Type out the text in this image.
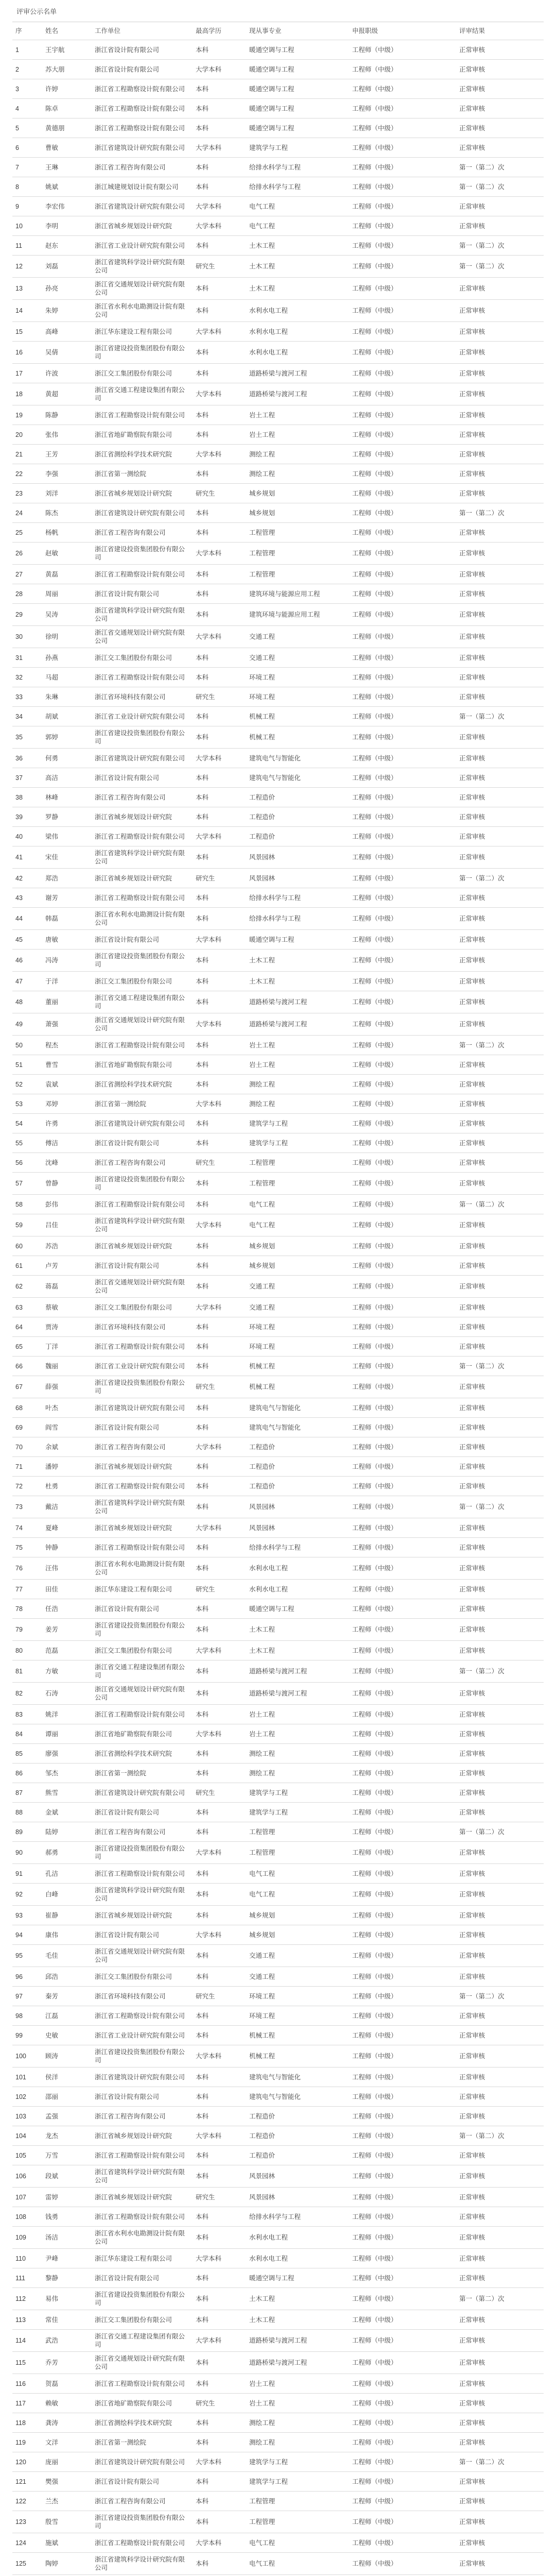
评审公示名单
序	姓名	工作单位	最高学历	现从事专业	申报职级	评审结果
1	王宇航	浙江省设计院有限公司	本科	暖通空调与工程	工程师（中级）	正常审核
2	苏大朋	浙江省设计院有限公司	大学本科	暖通空调与工程	工程师（中级）	正常审核
3	许婷	浙江省工程勘察设计院有限公司	本科	暖通空调与工程	工程师（中级）	正常审核
4	陈卓	浙江省工程勘察设计院有限公司	本科	暖通空调与工程	工程师（中级）	正常审核
5	黄德朋	浙江省工程勘察设计院有限公司	本科	暖通空调与工程	工程师（中级）	正常审核
6	曹敏	浙江省建筑设计研究院有限公司	大学本科	建筑学与工程	工程师（中级）	正常审核
7	王琳	浙江省工程咨询有限公司	本科	给排水科学与工程	工程师（中级）	第一（第二）次
8	姚斌	浙江城建规划设计院有限公司	本科	给排水科学与工程	工程师（中级）	第一（第二）次
9	李宏伟	浙江省建筑设计研究院有限公司	大学本科	电气工程	工程师（中级）	正常审核
10	李明	浙江省城乡规划设计研究院	大学本科	电气工程	工程师（中级）	正常审核
11	赵东	浙江省工业设计研究院有限公司	本科	土木工程	工程师（中级）	第一（第二）次
12	刘磊	浙江省建筑科学设计研究院有限公司	研究生	土木工程	工程师（中级）	第一（第二）次
13	孙亮	浙江省交通规划设计研究院有限公司	本科	土木工程	工程师（中级）	正常审核
14	朱婷	浙江省水利水电勘测设计院有限公司	本科	水利水电工程	工程师（中级）	正常审核
15	高峰	浙江华东建设工程有限公司	大学本科	水利水电工程	工程师（中级）	正常审核
16	吴倩	浙江省建设投资集团股份有限公司	本科	水利水电工程	工程师（中级）	正常审核
17	许波	浙江交工集团股份有限公司	本科	道路桥梁与渡河工程	工程师（中级）	正常审核
18	黄超	浙江省交通工程建设集团有限公司	大学本科	道路桥梁与渡河工程	工程师（中级）	正常审核
19	陈静	浙江省工程勘察设计院有限公司	本科	岩土工程	工程师（中级）	正常审核
20	张伟	浙江省地矿勘察院有限公司	本科	岩土工程	工程师（中级）	正常审核
21	王芳	浙江省测绘科学技术研究院	大学本科	测绘工程	工程师（中级）	正常审核
22	李强	浙江省第一测绘院	本科	测绘工程	工程师（中级）	正常审核
23	刘洋	浙江省城乡规划设计研究院	研究生	城乡规划	工程师（中级）	正常审核
24	陈杰	浙江省建筑设计研究院有限公司	本科	城乡规划	工程师（中级）	第一（第二）次
25	杨帆	浙江省工程咨询有限公司	本科	工程管理	工程师（中级）	正常审核
26	赵敏	浙江省建设投资集团股份有限公司	大学本科	工程管理	工程师（中级）	正常审核
27	黄磊	浙江省工程勘察设计院有限公司	本科	工程管理	工程师（中级）	正常审核
28	周丽	浙江省设计院有限公司	本科	建筑环境与能源应用工程	工程师（中级）	正常审核
29	吴涛	浙江省建筑科学设计研究院有限公司	本科	建筑环境与能源应用工程	工程师（中级）	正常审核
30	徐明	浙江省交通规划设计研究院有限公司	大学本科	交通工程	工程师（中级）	正常审核
31	孙燕	浙江交工集团股份有限公司	本科	交通工程	工程师（中级）	正常审核
32	马超	浙江省工程勘察设计院有限公司	本科	环境工程	工程师（中级）	正常审核
33	朱琳	浙江省环境科技有限公司	研究生	环境工程	工程师（中级）	正常审核
34	胡斌	浙江省工业设计研究院有限公司	本科	机械工程	工程师（中级）	第一（第二）次
35	郭婷	浙江省建设投资集团股份有限公司	本科	机械工程	工程师（中级）	正常审核
36	何勇	浙江省建筑设计研究院有限公司	大学本科	建筑电气与智能化	工程师（中级）	正常审核
37	高洁	浙江省设计院有限公司	本科	建筑电气与智能化	工程师（中级）	正常审核
38	林峰	浙江省工程咨询有限公司	本科	工程造价	工程师（中级）	正常审核
39	罗静	浙江省城乡规划设计研究院	本科	工程造价	工程师（中级）	正常审核
40	梁伟	浙江省工程勘察设计院有限公司	大学本科	工程造价	工程师（中级）	正常审核
41	宋佳	浙江省建筑科学设计研究院有限公司	本科	风景园林	工程师（中级）	正常审核
42	郑浩	浙江省城乡规划设计研究院	研究生	风景园林	工程师（中级）	第一（第二）次
43	谢芳	浙江省工程勘察设计院有限公司	本科	给排水科学与工程	工程师（中级）	正常审核
44	韩磊	浙江省水利水电勘测设计院有限公司	本科	给排水科学与工程	工程师（中级）	正常审核
45	唐敏	浙江省设计院有限公司	大学本科	暖通空调与工程	工程师（中级）	正常审核
46	冯涛	浙江省建设投资集团股份有限公司	本科	土木工程	工程师（中级）	正常审核
47	于洋	浙江交工集团股份有限公司	本科	土木工程	工程师（中级）	正常审核
48	董丽	浙江省交通工程建设集团有限公司	本科	道路桥梁与渡河工程	工程师（中级）	正常审核
49	萧强	浙江省交通规划设计研究院有限公司	大学本科	道路桥梁与渡河工程	工程师（中级）	正常审核
50	程杰	浙江省工程勘察设计院有限公司	本科	岩土工程	工程师（中级）	第一（第二）次
51	曹雪	浙江省地矿勘察院有限公司	本科	岩土工程	工程师（中级）	正常审核
52	袁斌	浙江省测绘科学技术研究院	本科	测绘工程	工程师（中级）	正常审核
53	邓婷	浙江省第一测绘院	大学本科	测绘工程	工程师（中级）	正常审核
54	许勇	浙江省建筑设计研究院有限公司	本科	建筑学与工程	工程师（中级）	正常审核
55	傅洁	浙江省设计院有限公司	本科	建筑学与工程	工程师（中级）	正常审核
56	沈峰	浙江省工程咨询有限公司	研究生	工程管理	工程师（中级）	正常审核
57	曾静	浙江省建设投资集团股份有限公司	本科	工程管理	工程师（中级）	正常审核
58	彭伟	浙江省工程勘察设计院有限公司	本科	电气工程	工程师（中级）	第一（第二）次
59	吕佳	浙江省建筑科学设计研究院有限公司	大学本科	电气工程	工程师（中级）	正常审核
60	苏浩	浙江省城乡规划设计研究院	本科	城乡规划	工程师（中级）	正常审核
61	卢芳	浙江省设计院有限公司	本科	城乡规划	工程师（中级）	正常审核
62	蒋磊	浙江省交通规划设计研究院有限公司	本科	交通工程	工程师（中级）	正常审核
63	蔡敏	浙江交工集团股份有限公司	大学本科	交通工程	工程师（中级）	正常审核
64	贾涛	浙江省环境科技有限公司	本科	环境工程	工程师（中级）	正常审核
65	丁洋	浙江省工程勘察设计院有限公司	本科	环境工程	工程师（中级）	正常审核
66	魏丽	浙江省工业设计研究院有限公司	本科	机械工程	工程师（中级）	第一（第二）次
67	薛强	浙江省建设投资集团股份有限公司	研究生	机械工程	工程师（中级）	正常审核
68	叶杰	浙江省建筑设计研究院有限公司	本科	建筑电气与智能化	工程师（中级）	正常审核
69	阎雪	浙江省设计院有限公司	本科	建筑电气与智能化	工程师（中级）	正常审核
70	余斌	浙江省工程咨询有限公司	大学本科	工程造价	工程师（中级）	正常审核
71	潘婷	浙江省城乡规划设计研究院	本科	工程造价	工程师（中级）	正常审核
72	杜勇	浙江省工程勘察设计院有限公司	本科	工程造价	工程师（中级）	正常审核
73	戴洁	浙江省建筑科学设计研究院有限公司	本科	风景园林	工程师（中级）	第一（第二）次
74	夏峰	浙江省城乡规划设计研究院	大学本科	风景园林	工程师（中级）	正常审核
75	钟静	浙江省工程勘察设计院有限公司	本科	给排水科学与工程	工程师（中级）	正常审核
76	汪伟	浙江省水利水电勘测设计院有限公司	本科	水利水电工程	工程师（中级）	正常审核
77	田佳	浙江华东建设工程有限公司	研究生	水利水电工程	工程师（中级）	正常审核
78	任浩	浙江省设计院有限公司	本科	暖通空调与工程	工程师（中级）	正常审核
79	姜芳	浙江省建设投资集团股份有限公司	本科	土木工程	工程师（中级）	正常审核
80	范磊	浙江交工集团股份有限公司	大学本科	土木工程	工程师（中级）	正常审核
81	方敏	浙江省交通工程建设集团有限公司	本科	道路桥梁与渡河工程	工程师（中级）	第一（第二）次
82	石涛	浙江省交通规划设计研究院有限公司	本科	道路桥梁与渡河工程	工程师（中级）	正常审核
83	姚洋	浙江省工程勘察设计院有限公司	本科	岩土工程	工程师（中级）	正常审核
84	谭丽	浙江省地矿勘察院有限公司	大学本科	岩土工程	工程师（中级）	正常审核
85	廖强	浙江省测绘科学技术研究院	本科	测绘工程	工程师（中级）	正常审核
86	邹杰	浙江省第一测绘院	本科	测绘工程	工程师（中级）	正常审核
87	熊雪	浙江省建筑设计研究院有限公司	研究生	建筑学与工程	工程师（中级）	正常审核
88	金斌	浙江省设计院有限公司	本科	建筑学与工程	工程师（中级）	正常审核
89	陆婷	浙江省工程咨询有限公司	本科	工程管理	工程师（中级）	第一（第二）次
90	郝勇	浙江省建设投资集团股份有限公司	大学本科	工程管理	工程师（中级）	正常审核
91	孔洁	浙江省工程勘察设计院有限公司	本科	电气工程	工程师（中级）	正常审核
92	白峰	浙江省建筑科学设计研究院有限公司	本科	电气工程	工程师（中级）	正常审核
93	崔静	浙江省城乡规划设计研究院	本科	城乡规划	工程师（中级）	正常审核
94	康伟	浙江省设计院有限公司	大学本科	城乡规划	工程师（中级）	正常审核
95	毛佳	浙江省交通规划设计研究院有限公司	本科	交通工程	工程师（中级）	正常审核
96	邱浩	浙江交工集团股份有限公司	本科	交通工程	工程师（中级）	正常审核
97	秦芳	浙江省环境科技有限公司	研究生	环境工程	工程师（中级）	第一（第二）次
98	江磊	浙江省工程勘察设计院有限公司	本科	环境工程	工程师（中级）	正常审核
99	史敏	浙江省工业设计研究院有限公司	本科	机械工程	工程师（中级）	正常审核
100	顾涛	浙江省建设投资集团股份有限公司	大学本科	机械工程	工程师（中级）	正常审核
101	侯洋	浙江省建筑设计研究院有限公司	本科	建筑电气与智能化	工程师（中级）	正常审核
102	邵丽	浙江省设计院有限公司	本科	建筑电气与智能化	工程师（中级）	正常审核
103	孟强	浙江省工程咨询有限公司	本科	工程造价	工程师（中级）	正常审核
104	龙杰	浙江省城乡规划设计研究院	大学本科	工程造价	工程师（中级）	第一（第二）次
105	万雪	浙江省工程勘察设计院有限公司	本科	工程造价	工程师（中级）	正常审核
106	段斌	浙江省建筑科学设计研究院有限公司	本科	风景园林	工程师（中级）	正常审核
107	雷婷	浙江省城乡规划设计研究院	研究生	风景园林	工程师（中级）	正常审核
108	钱勇	浙江省工程勘察设计院有限公司	本科	给排水科学与工程	工程师（中级）	正常审核
109	汤洁	浙江省水利水电勘测设计院有限公司	本科	水利水电工程	工程师（中级）	正常审核
110	尹峰	浙江华东建设工程有限公司	大学本科	水利水电工程	工程师（中级）	正常审核
111	黎静	浙江省设计院有限公司	本科	暖通空调与工程	工程师（中级）	正常审核
112	易伟	浙江省建设投资集团股份有限公司	本科	土木工程	工程师（中级）	第一（第二）次
113	常佳	浙江交工集团股份有限公司	本科	土木工程	工程师（中级）	正常审核
114	武浩	浙江省交通工程建设集团有限公司	大学本科	道路桥梁与渡河工程	工程师（中级）	正常审核
115	乔芳	浙江省交通规划设计研究院有限公司	本科	道路桥梁与渡河工程	工程师（中级）	正常审核
116	贺磊	浙江省工程勘察设计院有限公司	本科	岩土工程	工程师（中级）	正常审核
117	赖敏	浙江省地矿勘察院有限公司	研究生	岩土工程	工程师（中级）	正常审核
118	龚涛	浙江省测绘科学技术研究院	本科	测绘工程	工程师（中级）	正常审核
119	文洋	浙江省第一测绘院	本科	测绘工程	工程师（中级）	正常审核
120	庞丽	浙江省建筑设计研究院有限公司	大学本科	建筑学与工程	工程师（中级）	第一（第二）次
121	樊强	浙江省设计院有限公司	本科	建筑学与工程	工程师（中级）	正常审核
122	兰杰	浙江省工程咨询有限公司	本科	工程管理	工程师（中级）	正常审核
123	殷雪	浙江省建设投资集团股份有限公司	本科	工程管理	工程师（中级）	正常审核
124	施斌	浙江省工程勘察设计院有限公司	大学本科	电气工程	工程师（中级）	正常审核
125	陶婷	浙江省建筑科学设计研究院有限公司	本科	电气工程	工程师（中级）	正常审核
